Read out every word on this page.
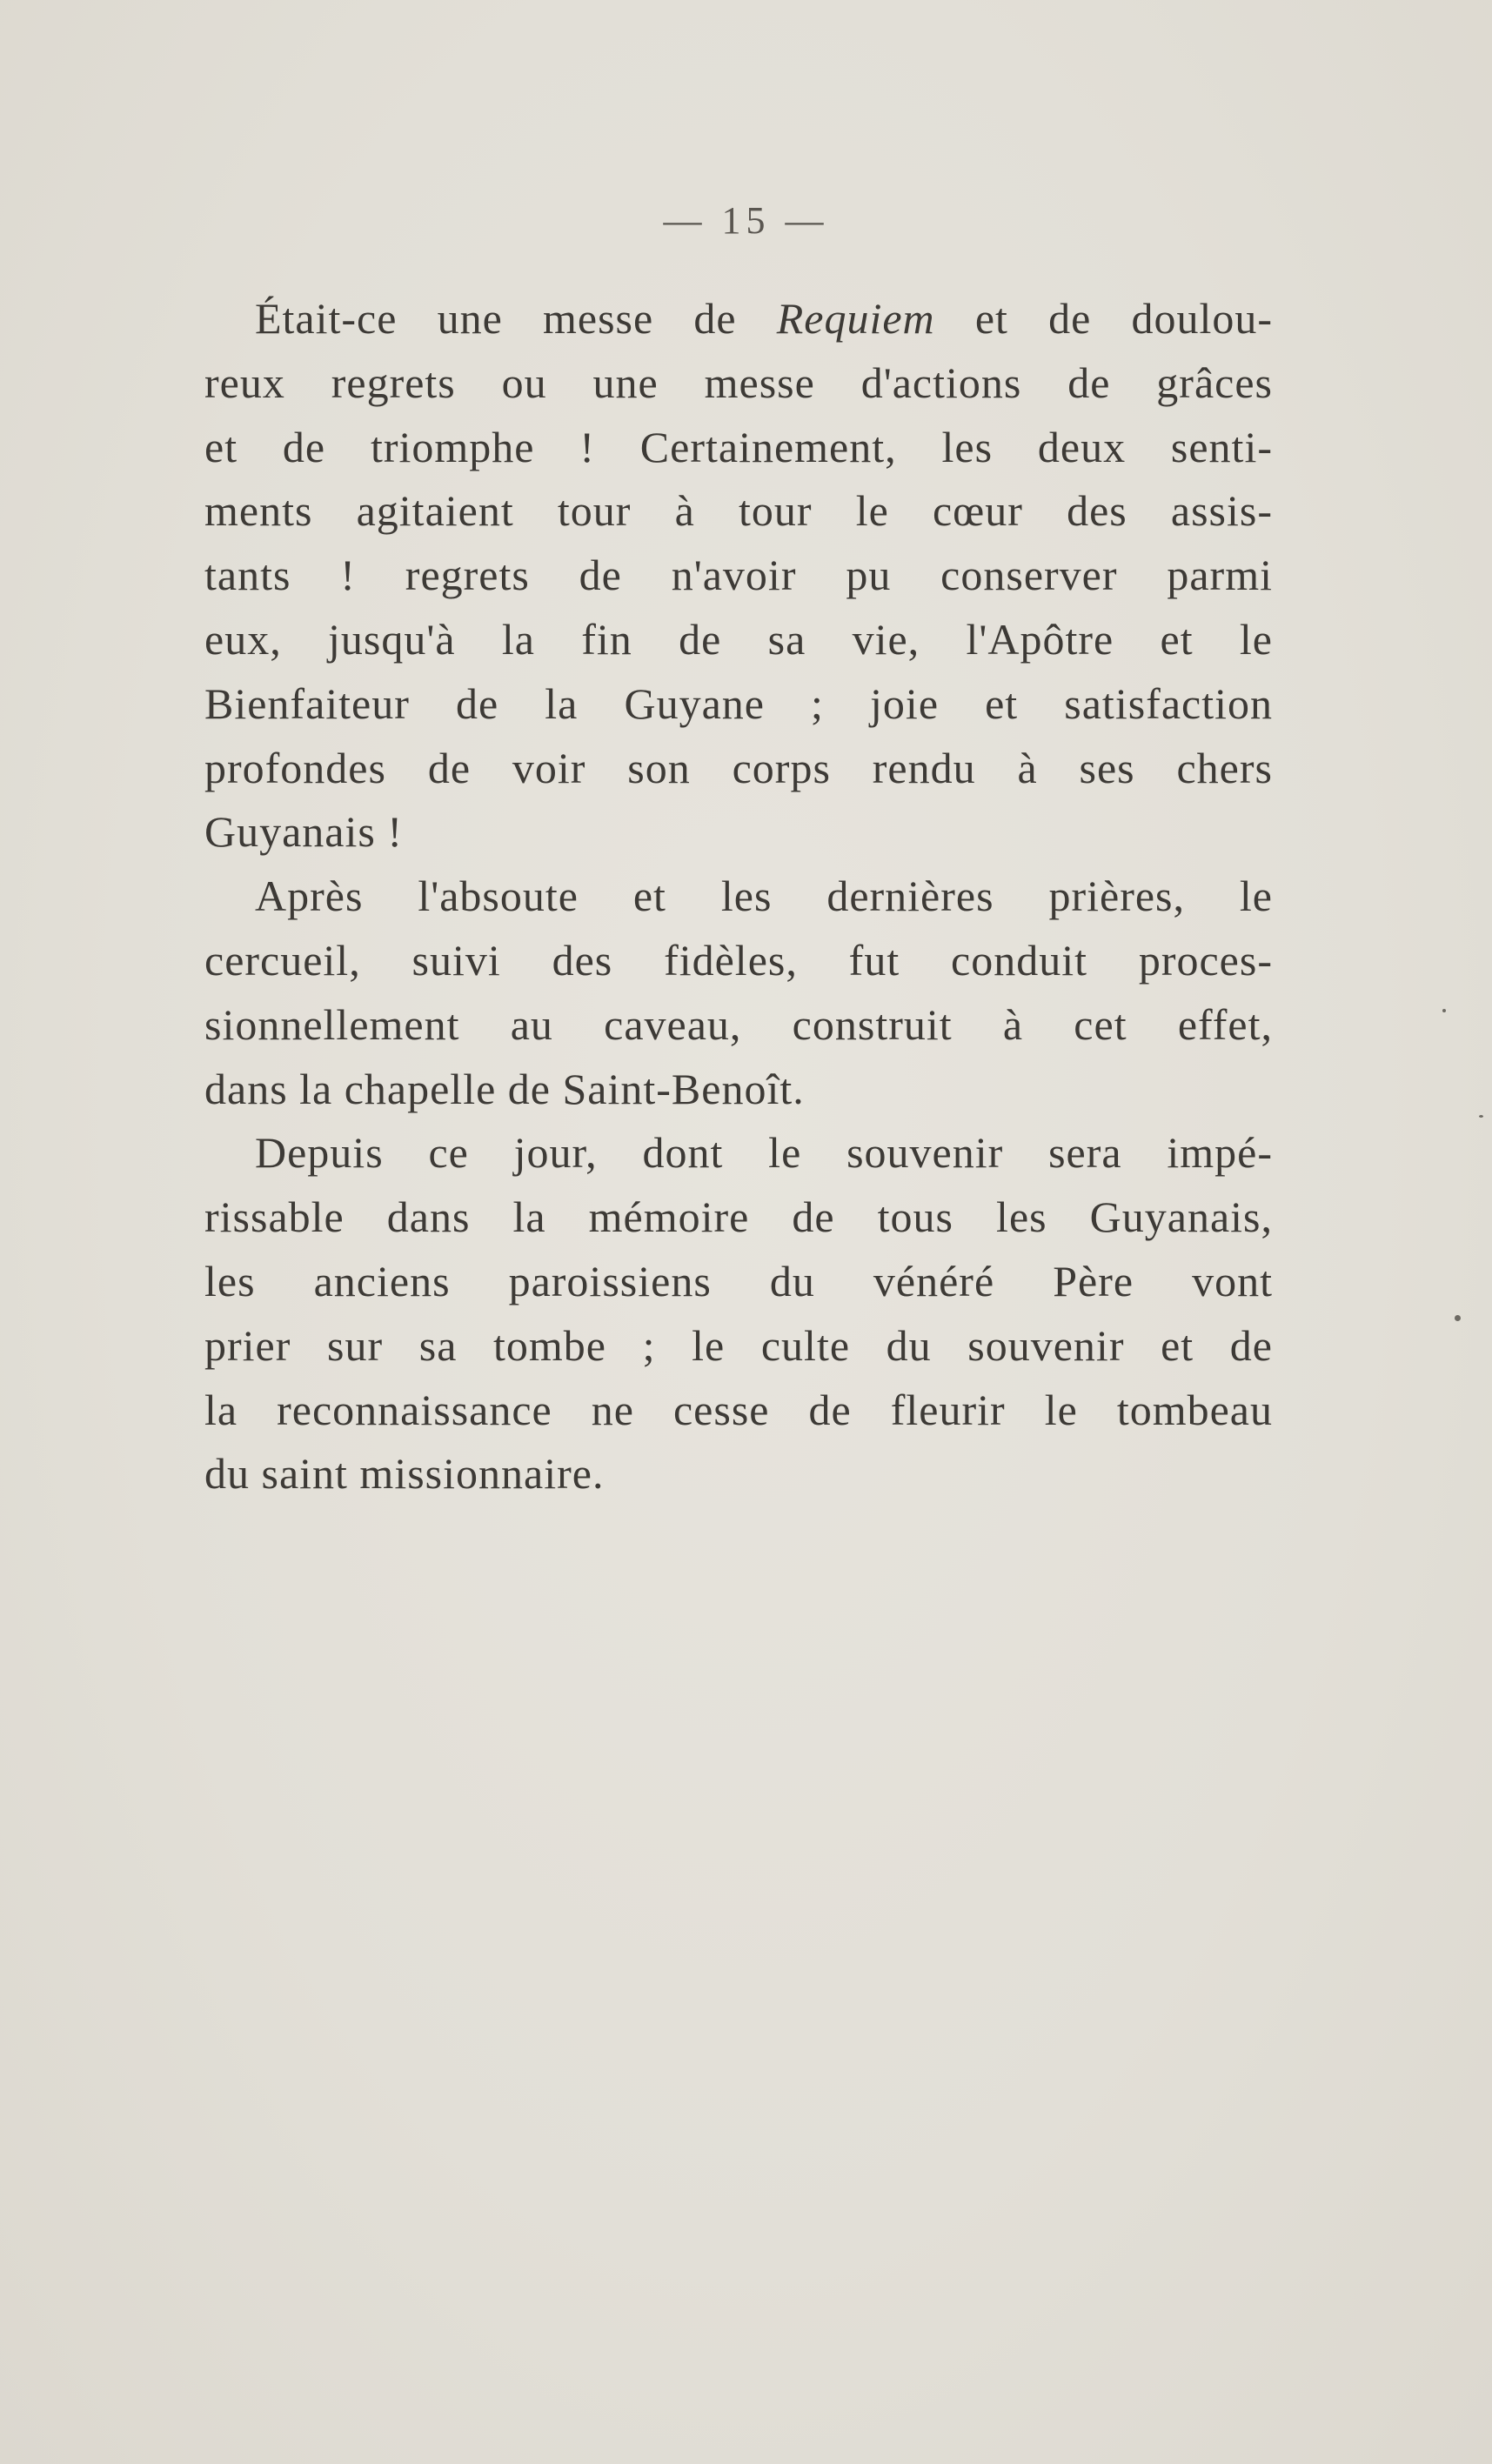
— 15 —
Était-ce une messe de Requiem et de doulou-
reux regrets ou une messe d'actions de grâces
et de triomphe ! Certainement, les deux senti-
ments agitaient tour à tour le cœur des assis-
tants ! regrets de n'avoir pu conserver parmi
eux, jusqu'à la fin de sa vie, l'Apôtre et le
Bienfaiteur de la Guyane ; joie et satisfaction
profondes de voir son corps rendu à ses chers
Guyanais !
Après l'absoute et les dernières prières, le
cercueil, suivi des fidèles, fut conduit proces-
sionnellement au caveau, construit à cet effet,
dans la chapelle de Saint-Benoît.
Depuis ce jour, dont le souvenir sera impé-
rissable dans la mémoire de tous les Guyanais,
les anciens paroissiens du vénéré Père vont
prier sur sa tombe ; le culte du souvenir et de
la reconnaissance ne cesse de fleurir le tombeau
du saint missionnaire.
